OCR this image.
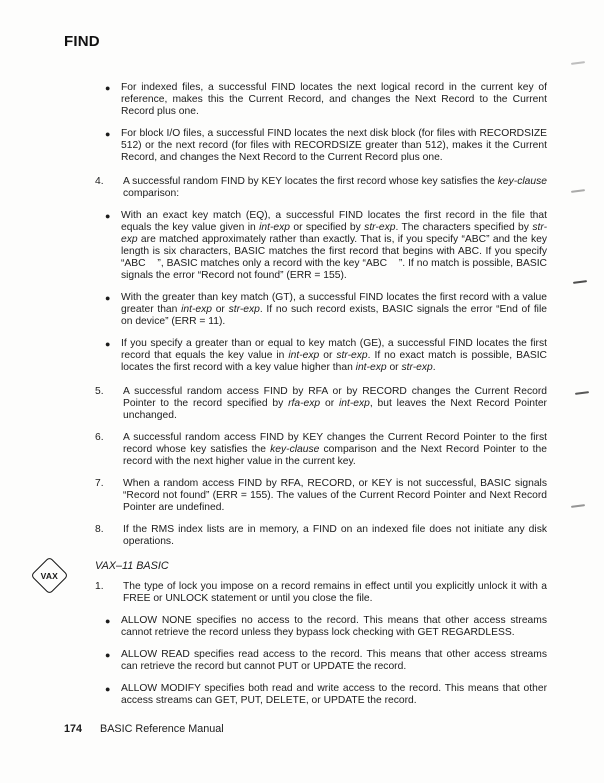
FIND
●	For indexed files, a successful FIND locates the next logical record in the current key of reference, makes this the Current Record, and changes the Next Record to the Current Record plus one.
●	For block I/O files, a successful FIND locates the next disk block (for files with RECORDSIZE 512) or the next record (for files with RECORDSIZE greater than 512), makes it the Current Record, and changes the Next Record to the Current Record plus one.
4.	A successful random FIND by KEY locates the first record whose key satisfies the key-clause comparison:
●	With an exact key match (EQ), a successful FIND locates the first record in the file that equals the key value given in int-exp or specified by str-exp. The characters specified by str-exp are matched approximately rather than exactly. That is, if you specify “ABC” and the key length is six characters, BASIC matches the first record that begins with ABC. If you specify “ABC    ”, BASIC matches only a record with the key “ABC    ”. If no match is possible, BASIC signals the error “Record not found” (ERR = 155).
●	With the greater than key match (GT), a successful FIND locates the first record with a value greater than int-exp or str-exp. If no such record exists, BASIC signals the error “End of file on device” (ERR = 11).
●	If you specify a greater than or equal to key match (GE), a successful FIND locates the first record that equals the key value in int-exp or str-exp. If no exact match is possible, BASIC locates the first record with a key value higher than int-exp or str-exp.
5.	A successful random access FIND by RFA or by RECORD changes the Current Record Pointer to the record specified by rfa-exp or int-exp, but leaves the Next Record Pointer unchanged.
6.	A successful random access FIND by KEY changes the Current Record Pointer to the first record whose key satisfies the key-clause comparison and the Next Record Pointer to the record with the next higher value in the current key.
7.	When a random access FIND by RFA, RECORD, or KEY is not successful, BASIC signals “Record not found” (ERR = 155). The values of the Current Record Pointer and Next Record Pointer are undefined.
8.	If the RMS index lists are in memory, a FIND on an indexed file does not initiate any disk operations.
VAX
VAX–11 BASIC
1.	The type of lock you impose on a record remains in effect until you explicitly unlock it with a FREE or UNLOCK statement or until you close the file.
●	ALLOW NONE specifies no access to the record. This means that other access streams cannot retrieve the record unless they bypass lock checking with GET REGARDLESS.
●	ALLOW READ specifies read access to the record. This means that other access streams can retrieve the record but cannot PUT or UPDATE the record.
●	ALLOW MODIFY specifies both read and write access to the record. This means that other access streams can GET, PUT, DELETE, or UPDATE the record.
174 BASIC Reference Manual
